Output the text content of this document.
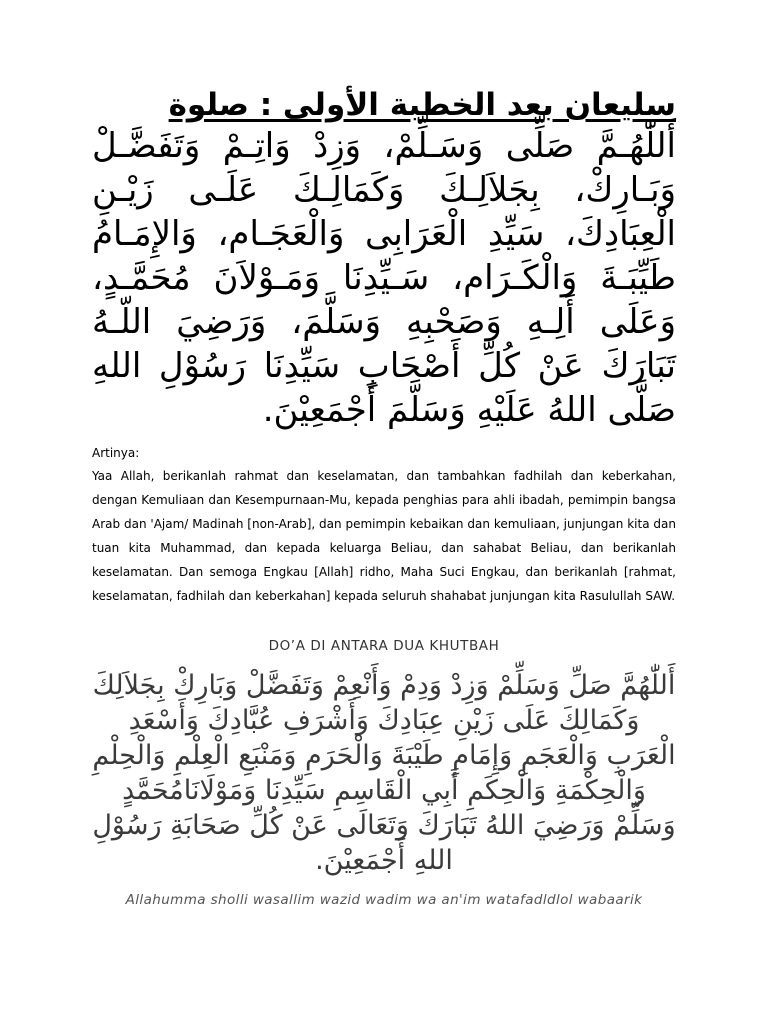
سليعان بعد الخطبة الأولى : صلوة

أَللّٰهُـمَّ صَلِّى وَسَـلِّمْ، وَزِدْ وَاتِـمْ وَتَفَضَّـلْ وَبَـارِكْ، بِجَلاَلِـكَ وَكَمَالِـكَ عَلَـى زَيْـنِ الْعِبَادِكَ، سَيِّدِ الْعَرَابِى وَالْعَجَـام، وَالإِمَـامُ طَيِّبَـةَ وَالْكَـرَام، سَـيِّدِنَا وَمَـوْلاَنَ مُحَمَّـدٍ، وَعَلَى أَلِـهِ وَصَحْبِهِ وَسَلَّمَ، وَرَضِيَ اللّـهُ تَبَارَكَ عَنْ كُلِّ أَصْحَابِ سَيِّدِنَا رَسُوْلِ اللهِ صَلَّى اللهُ عَلَيْهِ وَسَلَّمَ أَجْمَعِيْنَ.

Artinya:

Yaa Allah, berikanlah rahmat dan keselamatan, dan tambahkan fadhilah dan keberkahan, dengan Kemuliaan dan Kesempurnaan-Mu, kepada penghias para ahli ibadah, pemimpin bangsa Arab dan 'Ajam/ Madinah [non-Arab], dan pemimpin kebaikan dan kemuliaan, junjungan kita dan tuan kita Muhammad, dan kepada keluarga Beliau, dan sahabat Beliau, dan berikanlah keselamatan. Dan semoga Engkau [Allah] ridho, Maha Suci Engkau, dan berikanlah [rahmat, keselamatan, fadhilah dan keberkahan] kepada seluruh shahabat junjungan kita Rasulullah SAW.

DO’A DI ANTARA DUA KHUTBAH

أَللّٰهُمَّ صَلِّ وَسَلِّمْ وَزِدْ وَدِمْ وَأَنْعِمْ وَتَفَضَّلْ وَبَارِكْ بِجَلاَلِكَ وَكَمَالِكَ عَلَى زَيْنِ عِبَادِكَ وَأَشْرَفِ عُبَّادِكَ وَأَسْعَدِ الْعَرَبِ وَالْعَجَمِ وَإِمَامِ طَيْبَةَ وَالْحَرَمِ وَمَنْبَعِ الْعِلْمِ وَالْحِلْمِ وَالْحِكْمَةِ وَالْحِكَمِ أَبِي الْقَاسِمِ سَيِّدِنَا وَمَوْلَانَامُحَمَّدٍ وَسَلِّمْ وَرَضِيَ اللهُ تَبَارَكَ وَتَعَالَى عَنْ كُلِّ صَحَابَةِ رَسُوْلِ اللهِ أَجْمَعِيْنَ.

Allahumma sholli wasallim wazid wadim wa an'im watafadldlol wabaarik
